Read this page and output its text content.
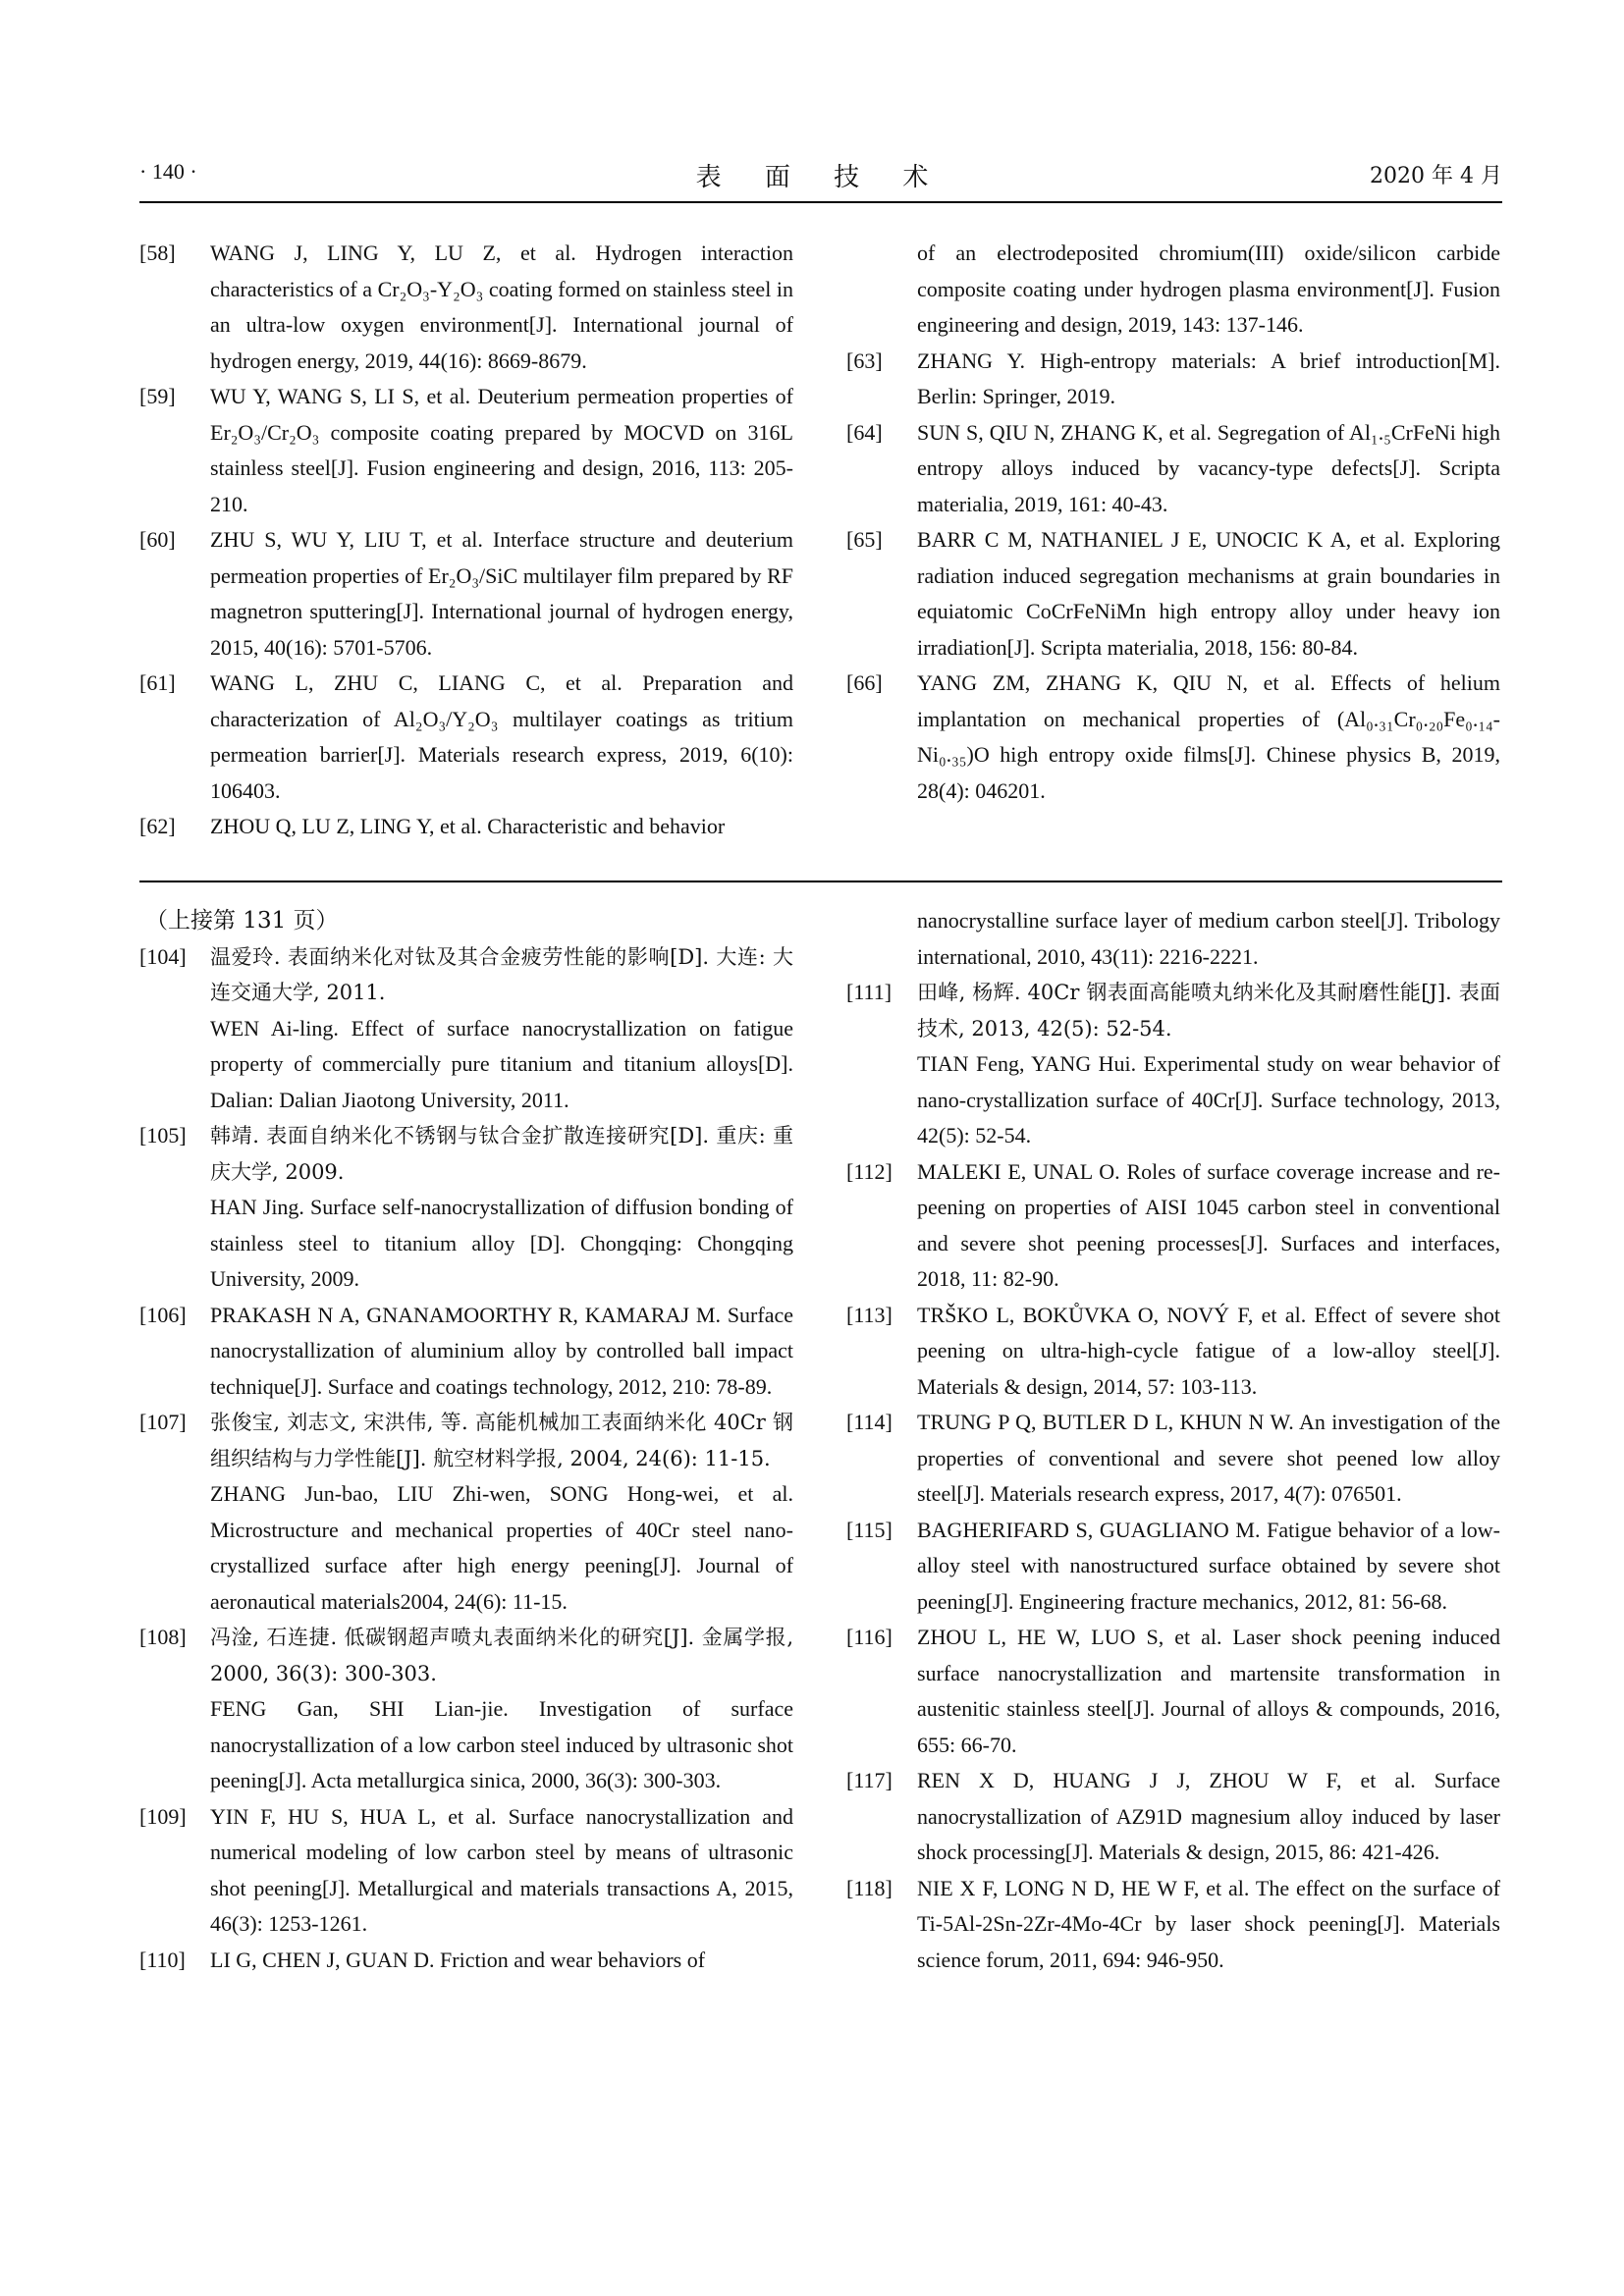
· 140 ·	表 面 技 术	2020 年 4 月
[58] WANG J, LING Y, LU Z, et al. Hydrogen interaction characteristics of a Cr₂O₃-Y₂O₃ coating formed on stainless steel in an ultra-low oxygen environment[J]. International journal of hydrogen energy, 2019, 44(16): 8669-8679.
[59] WU Y, WANG S, LI S, et al. Deuterium permeation properties of Er₂O₃/Cr₂O₃ composite coating prepared by MOCVD on 316L stainless steel[J]. Fusion engineering and design, 2016, 113: 205-210.
[60] ZHU S, WU Y, LIU T, et al. Interface structure and deuterium permeation properties of Er₂O₃/SiC multilayer film prepared by RF magnetron sputtering[J]. International journal of hydrogen energy, 2015, 40(16): 5701-5706.
[61] WANG L, ZHU C, LIANG C, et al. Preparation and characterization of Al₂O₃/Y₂O₃ multilayer coatings as tritium permeation barrier[J]. Materials research express, 2019, 6(10): 106403.
[62] ZHOU Q, LU Z, LING Y, et al. Characteristic and behavior
of an electrodeposited chromium(III) oxide/silicon carbide composite coating under hydrogen plasma environment[J]. Fusion engineering and design, 2019, 143: 137-146.
[63] ZHANG Y. High-entropy materials: A brief introduction[M]. Berlin: Springer, 2019.
[64] SUN S, QIU N, ZHANG K, et al. Segregation of Al₁.₅CrFeNi high entropy alloys induced by vacancy-type defects[J]. Scripta materialia, 2019, 161: 40-43.
[65] BARR C M, NATHANIEL J E, UNOCIC K A, et al. Exploring radiation induced segregation mechanisms at grain boundaries in equiatomic CoCrFeNiMn high entropy alloy under heavy ion irradiation[J]. Scripta materialia, 2018, 156: 80-84.
[66] YANG ZM, ZHANG K, QIU N, et al. Effects of helium implantation on mechanical properties of (Al₀.₃₁Cr₀.₂₀Fe₀.₁₄-Ni₀.₃₅)O high entropy oxide films[J]. Chinese physics B, 2019, 28(4): 046201.
（上接第 131 页）
[104] 温爱玲. 表面纳米化对钛及其合金疲劳性能的影响[D]. 大连: 大连交通大学, 2011.
WEN Ai-ling. Effect of surface nanocrystallization on fatigue property of commercially pure titanium and titanium alloys[D]. Dalian: Dalian Jiaotong University, 2011.
[105] 韩靖. 表面自纳米化不锈钢与钛合金扩散连接研究[D]. 重庆: 重庆大学, 2009.
HAN Jing. Surface self-nanocrystallization of diffusion bonding of stainless steel to titanium alloy [D]. Chongqing: Chongqing University, 2009.
[106] PRAKASH N A, GNANAMOORTHY R, KAMARAJ M. Surface nanocrystallization of aluminium alloy by controlled ball impact technique[J]. Surface and coatings technology, 2012, 210: 78-89.
[107] 张俊宝, 刘志文, 宋洪伟, 等. 高能机械加工表面纳米化 40Cr 钢组织结构与力学性能[J]. 航空材料学报, 2004, 24(6): 11-15.
ZHANG Jun-bao, LIU Zhi-wen, SONG Hong-wei, et al. Microstructure and mechanical properties of 40Cr steel nano-crystallized surface after high energy peening[J]. Journal of aeronautical materials2004, 24(6): 11-15.
[108] 冯淦, 石连捷. 低碳钢超声喷丸表面纳米化的研究[J]. 金属学报, 2000, 36(3): 300-303.
FENG Gan, SHI Lian-jie. Investigation of surface nanocrystallization of a low carbon steel induced by ultrasonic shot peening[J]. Acta metallurgica sinica, 2000, 36(3): 300-303.
[109] YIN F, HU S, HUA L, et al. Surface nanocrystallization and numerical modeling of low carbon steel by means of ultrasonic shot peening[J]. Metallurgical and materials transactions A, 2015, 46(3): 1253-1261.
[110] LI G, CHEN J, GUAN D. Friction and wear behaviors of
nanocrystalline surface layer of medium carbon steel[J]. Tribology international, 2010, 43(11): 2216-2221.
[111] 田峰, 杨辉. 40Cr 钢表面高能喷丸纳米化及其耐磨性能[J]. 表面技术, 2013, 42(5): 52-54.
TIAN Feng, YANG Hui. Experimental study on wear behavior of nano-crystallization surface of 40Cr[J]. Surface technology, 2013, 42(5): 52-54.
[112] MALEKI E, UNAL O. Roles of surface coverage increase and re-peening on properties of AISI 1045 carbon steel in conventional and severe shot peening processes[J]. Surfaces and interfaces, 2018, 11: 82-90.
[113] TRŠKO L, BOKŮVKA O, NOVÝ F, et al. Effect of severe shot peening on ultra-high-cycle fatigue of a low-alloy steel[J]. Materials & design, 2014, 57: 103-113.
[114] TRUNG P Q, BUTLER D L, KHUN N W. An investigation of the properties of conventional and severe shot peened low alloy steel[J]. Materials research express, 2017, 4(7): 076501.
[115] BAGHERIFARD S, GUAGLIANO M. Fatigue behavior of a low-alloy steel with nanostructured surface obtained by severe shot peening[J]. Engineering fracture mechanics, 2012, 81: 56-68.
[116] ZHOU L, HE W, LUO S, et al. Laser shock peening induced surface nanocrystallization and martensite transformation in austenitic stainless steel[J]. Journal of alloys & compounds, 2016, 655: 66-70.
[117] REN X D, HUANG J J, ZHOU W F, et al. Surface nanocrystallization of AZ91D magnesium alloy induced by laser shock processing[J]. Materials & design, 2015, 86: 421-426.
[118] NIE X F, LONG N D, HE W F, et al. The effect on the surface of Ti-5Al-2Sn-2Zr-4Mo-4Cr by laser shock peening[J]. Materials science forum, 2011, 694: 946-950.
